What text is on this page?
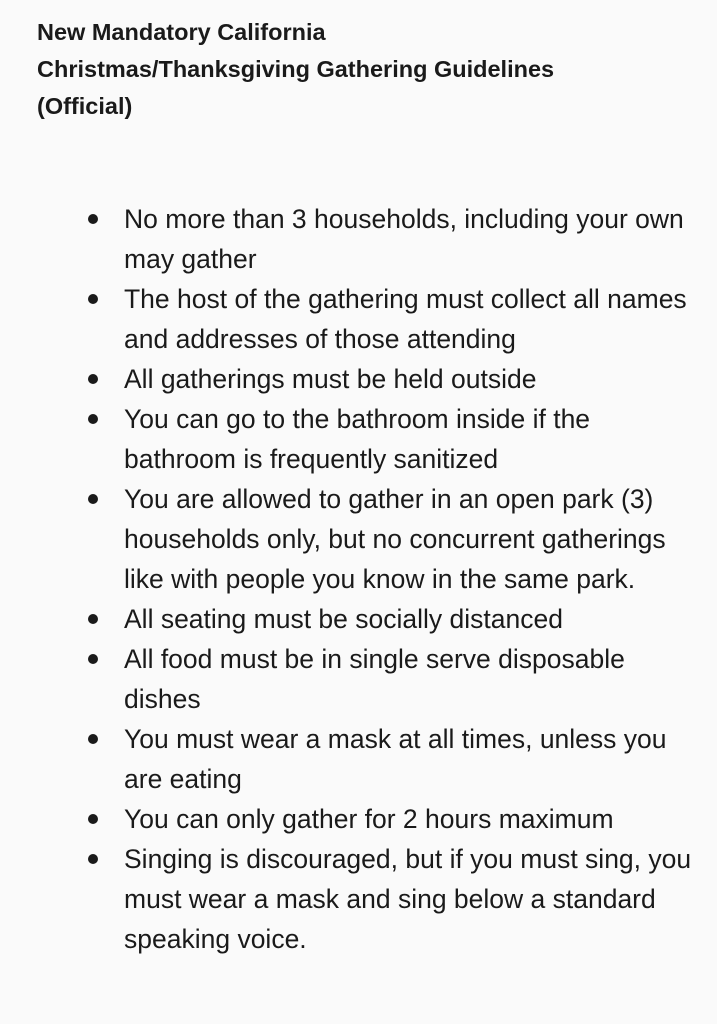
New Mandatory California Christmas/Thanksgiving Gathering Guidelines (Official)
No more than 3 households, including your own may gather
The host of the gathering must collect all names and addresses of those attending
All gatherings must be held outside
You can go to the bathroom inside if the bathroom is frequently sanitized
You are allowed to gather in an open park (3) households only, but no concurrent gatherings like with people you know in the same park.
All seating must be socially distanced
All food must be in single serve disposable dishes
You must wear a mask at all times, unless you are eating
You can only gather for 2 hours maximum
Singing is discouraged, but if you must sing, you must wear a mask and sing below a standard speaking voice.
